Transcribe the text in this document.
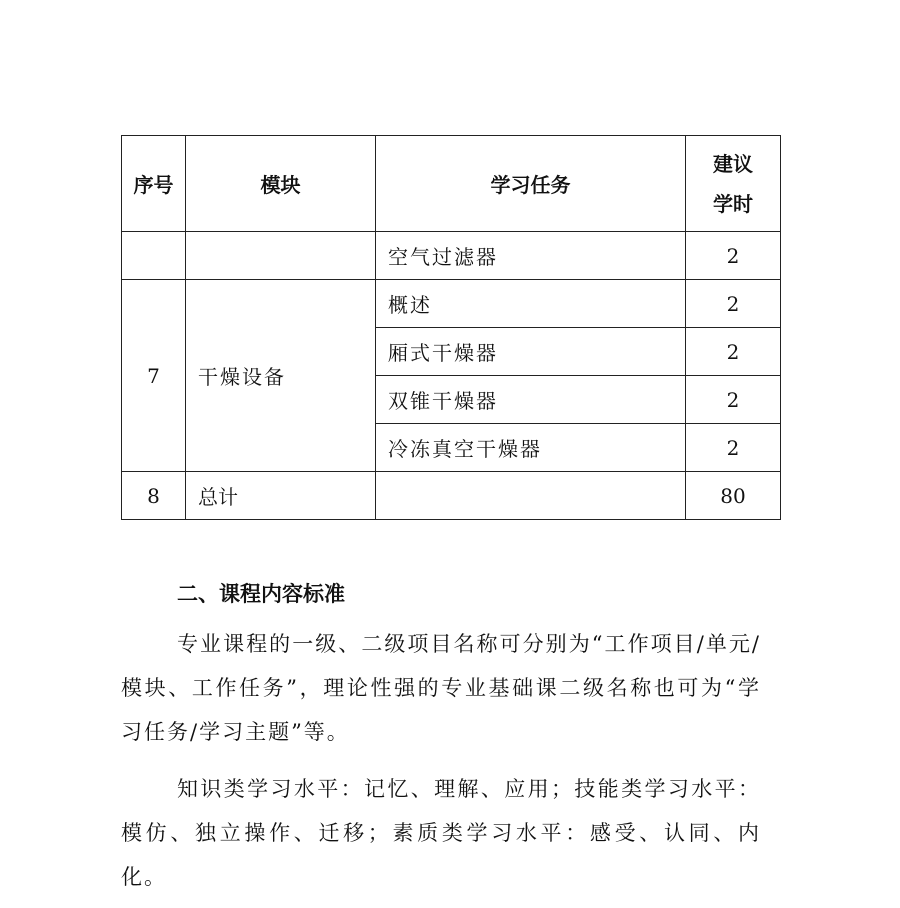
序号	模块	学习任务	建议
学时

		空气过滤器	2
7	干燥设备	概述	2
		厢式干燥器	2
		双锥干燥器	2
		冷冻真空干燥器	2
8	总计		80
二、课程内容标准

专业课程的一级、二级项目名称可分别为“工作项目/单元/模块、工作任务”，理论性强的专业基础课二级名称也可为“学习任务/学习主题”等。

知识类学习水平：记忆、理解、应用；技能类学习水平：模仿、独立操作、迁移；素质类学习水平：感受、认同、内化。
